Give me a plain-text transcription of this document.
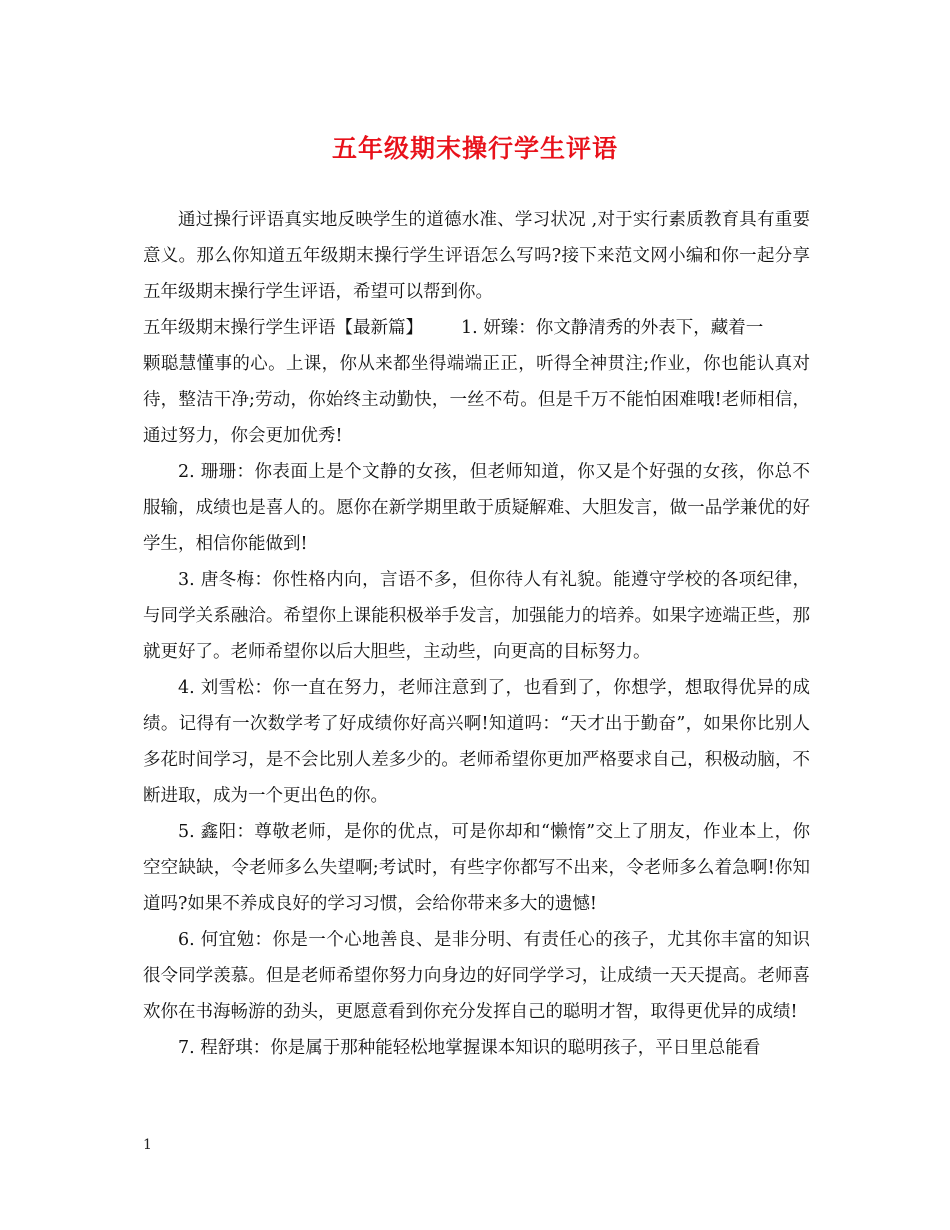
五年级期末操行学生评语

通过操行评语真实地反映学生的道德水准、学习状况 ,对于实行素质教育具有重要意义。那么你知道五年级期末操行学生评语怎么写吗?接下来范文网小编和你一起分享五年级期末操行学生评语，希望可以帮到你。

五年级期末操行学生评语【最新篇】 1. 妍臻：你文静清秀的外表下，藏着一

颗聪慧懂事的心。上课，你从来都坐得端端正正，听得全神贯注;作业，你也能认真对待，整洁干净;劳动，你始终主动勤快，一丝不苟。但是千万不能怕困难哦!老师相信，通过努力，你会更加优秀!

2. 珊珊：你表面上是个文静的女孩，但老师知道，你又是个好强的女孩，你总不服输，成绩也是喜人的。愿你在新学期里敢于质疑解难、大胆发言，做一品学兼优的好学生，相信你能做到!

3. 唐冬梅：你性格内向，言语不多，但你待人有礼貌。能遵守学校的各项纪律，与同学关系融洽。希望你上课能积极举手发言，加强能力的培养。如果字迹端正些，那就更好了。老师希望你以后大胆些，主动些，向更高的目标努力。

4. 刘雪松：你一直在努力，老师注意到了，也看到了，你想学，想取得优异的成绩。记得有一次数学考了好成绩你好高兴啊!知道吗：“天才出于勤奋”，如果你比别人多花时间学习，是不会比别人差多少的。老师希望你更加严格要求自己，积极动脑，不断进取，成为一个更出色的你。

5. 鑫阳：尊敬老师，是你的优点，可是你却和“懒惰”交上了朋友，作业本上，你空空缺缺，令老师多么失望啊;考试时，有些字你都写不出来，令老师多么着急啊!你知道吗?如果不养成良好的学习习惯，会给你带来多大的遗憾!

6. 何宜勉：你是一个心地善良、是非分明、有责任心的孩子，尤其你丰富的知识很令同学羡慕。但是老师希望你努力向身边的好同学学习，让成绩一天天提高。老师喜欢你在书海畅游的劲头，更愿意看到你充分发挥自己的聪明才智，取得更优异的成绩!

7. 程舒琪：你是属于那种能轻松地掌握课本知识的聪明孩子，平日里总能看

1
